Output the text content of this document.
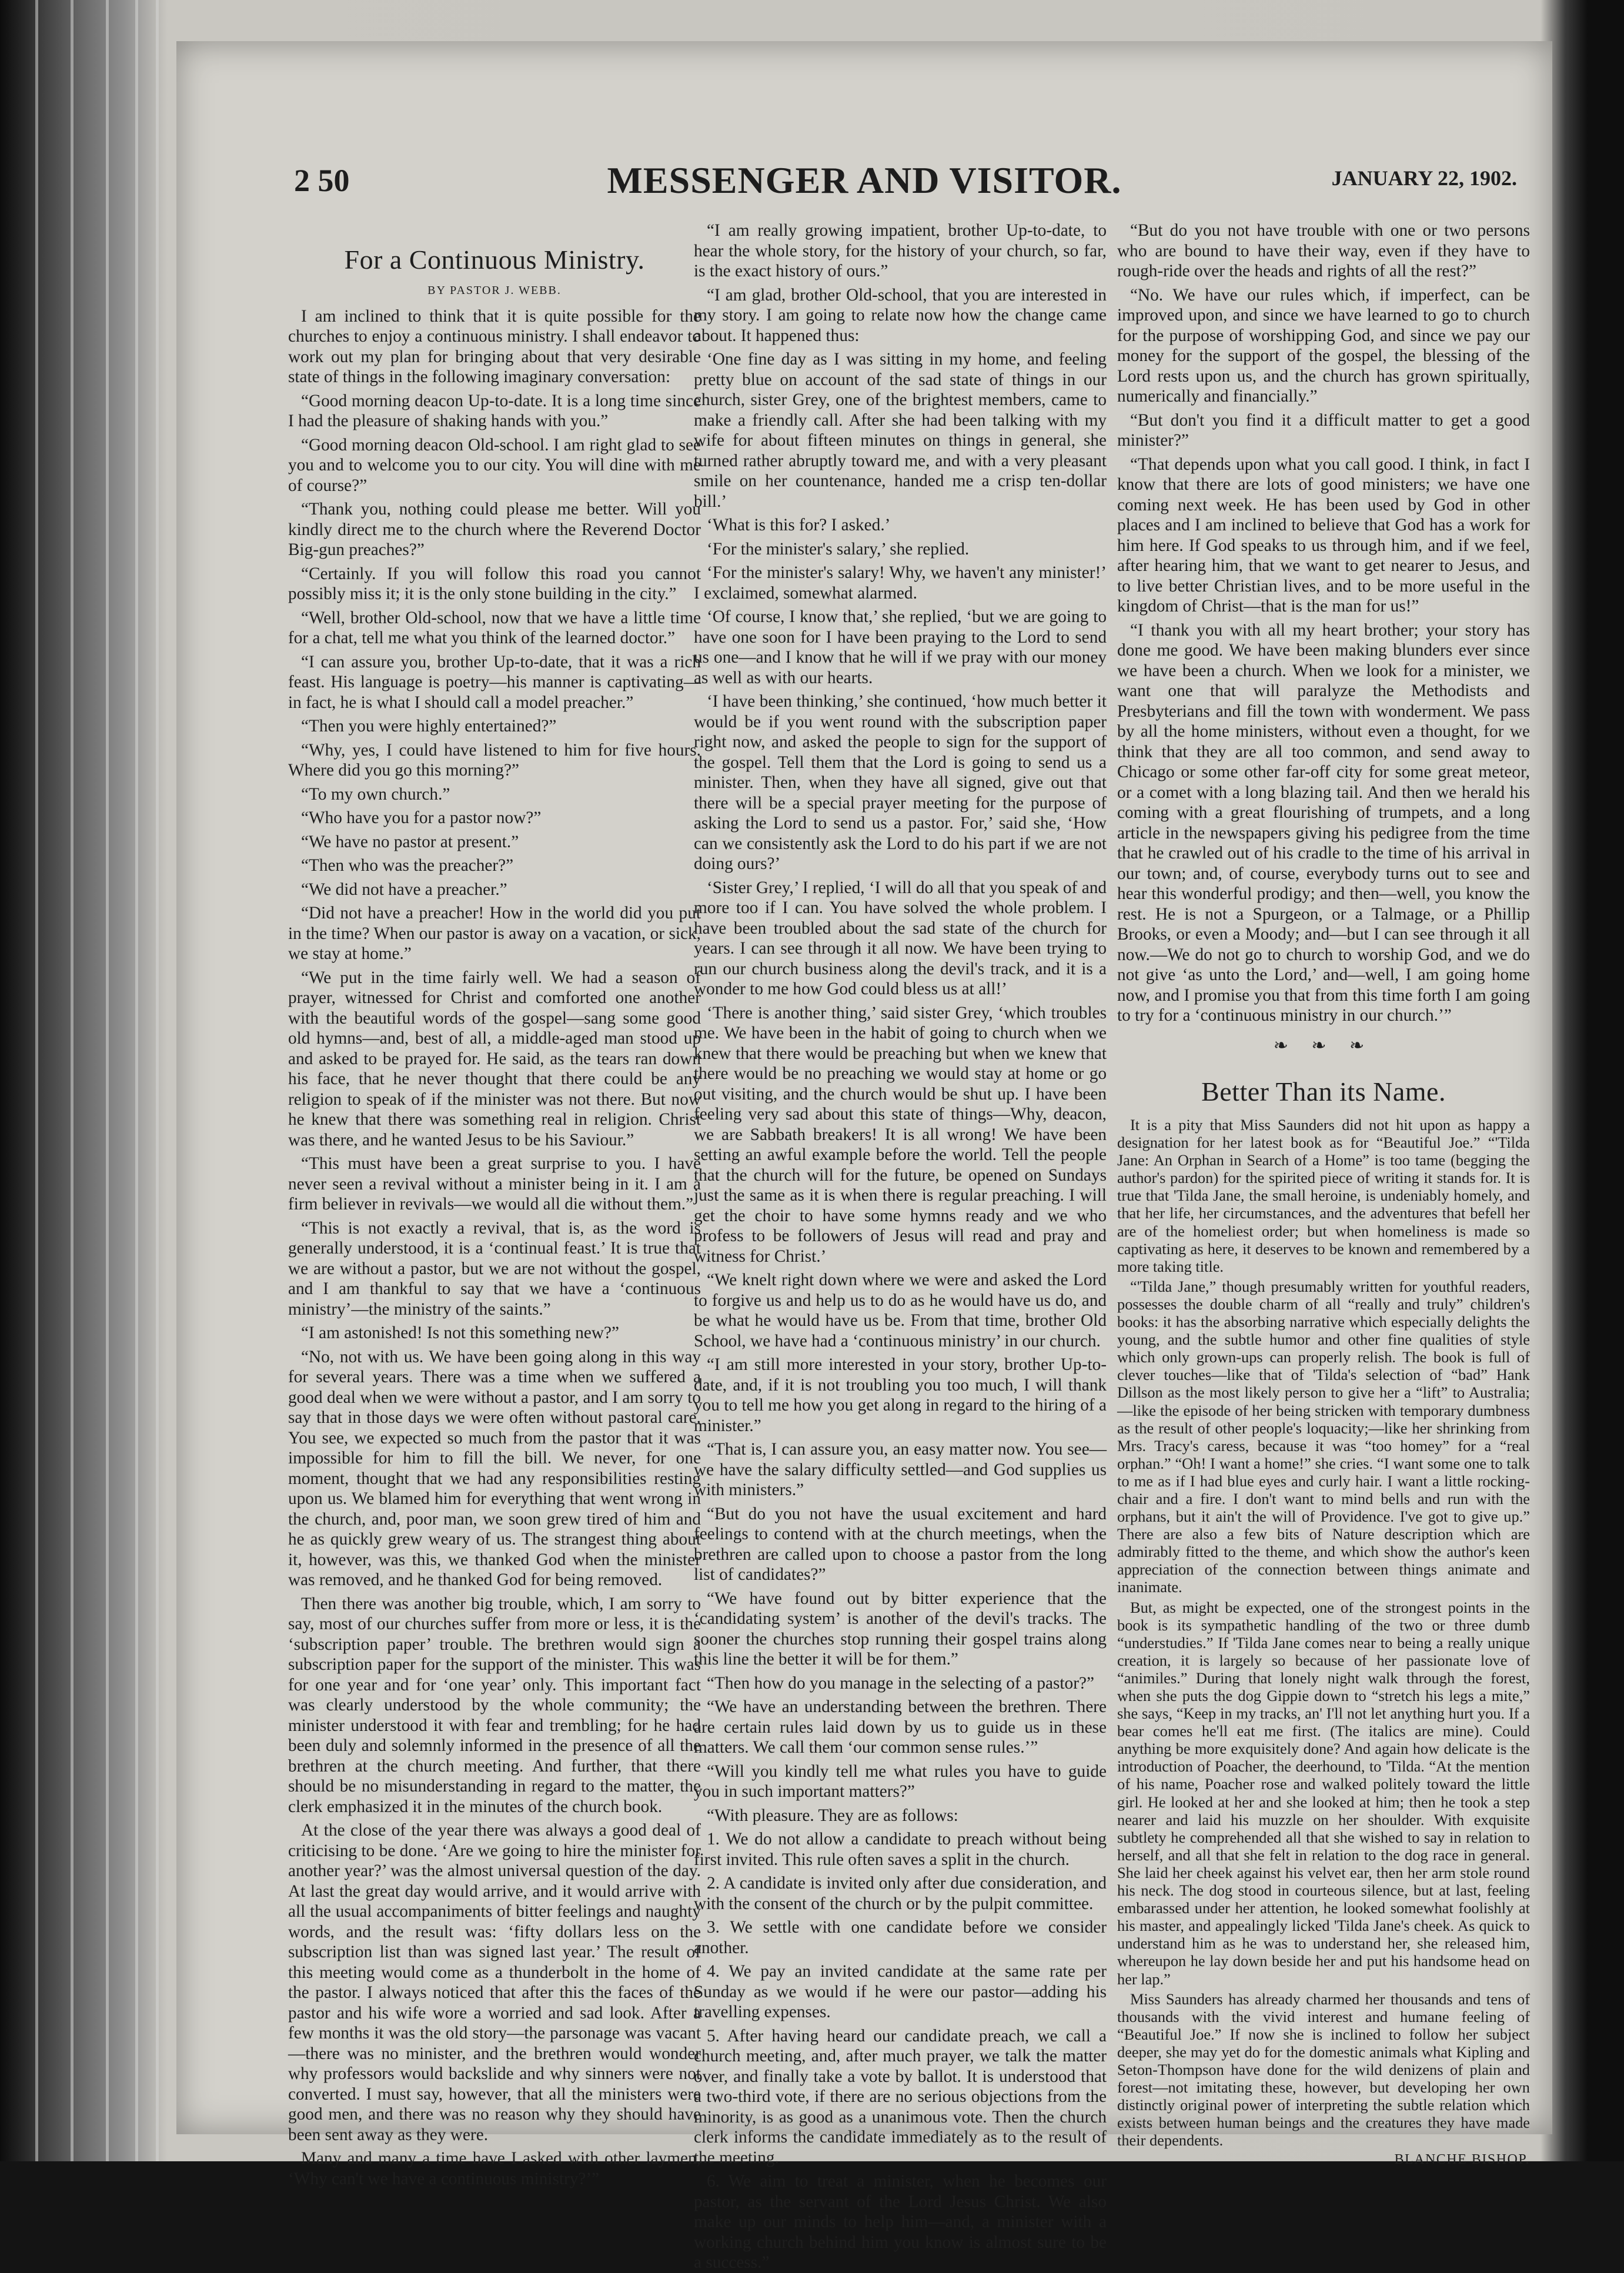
2 50	MESSENGER AND VISITOR.	JANUARY 22, 1902.
For a Continuous Ministry.
BY PASTOR J. WEBB.

I am inclined to think that it is quite possible for the churches to enjoy a continuous ministry. I shall endeavor to work out my plan for bringing about that very desirable state of things in the following imaginary conversation:

“Good morning deacon Up-to-date. It is a long time since I had the pleasure of shaking hands with you.”

“Good morning deacon Old-school. I am right glad to see you and to welcome you to our city. You will dine with me of course?”

“Thank you, nothing could please me better. Will you kindly direct me to the church where the Reverend Doctor Big-gun preaches?”

“Certainly. If you will follow this road you cannot possibly miss it; it is the only stone building in the city.”

“Well, brother Old-school, now that we have a little time for a chat, tell me what you think of the learned doctor.”

“I can assure you, brother Up-to-date, that it was a rich feast. His language is poetry—his manner is captivating—in fact, he is what I should call a model preacher.”

“Then you were highly entertained?”

“Why, yes, I could have listened to him for five hours. Where did you go this morning?”

“To my own church.”

“Who have you for a pastor now?”

“We have no pastor at present.”

“Then who was the preacher?”

“We did not have a preacher.”

“Did not have a preacher! How in the world did you put in the time? When our pastor is away on a vacation, or sick, we stay at home.”

“We put in the time fairly well. We had a season of prayer, witnessed for Christ and comforted one another with the beautiful words of the gospel—sang some good old hymns—and, best of all, a middle-aged man stood up and asked to be prayed for. He said, as the tears ran down his face, that he never thought that there could be any religion to speak of if the minister was not there. But now he knew that there was something real in religion. Christ was there, and he wanted Jesus to be his Saviour.”

“This must have been a great surprise to you. I have never seen a revival without a minister being in it. I am a firm believer in revivals—we would all die without them.”

“This is not exactly a revival, that is, as the word is generally understood, it is a ‘continual feast.’ It is true that we are without a pastor, but we are not without the gospel, and I am thankful to say that we have a ‘continuous ministry’—the ministry of the saints.”

“I am astonished! Is not this something new?”

“No, not with us. We have been going along in this way for several years. There was a time when we suffered a good deal when we were without a pastor, and I am sorry to say that in those days we were often without pastoral care. You see, we expected so much from the pastor that it was impossible for him to fill the bill. We never, for one moment, thought that we had any responsibilities resting upon us. We blamed him for everything that went wrong in the church, and, poor man, we soon grew tired of him and he as quickly grew weary of us. The strangest thing about it, however, was this, we thanked God when the minister was removed, and he thanked God for being removed.

Then there was another big trouble, which, I am sorry to say, most of our churches suffer from more or less, it is the ‘subscription paper’ trouble. The brethren would sign a subscription paper for the support of the minister. This was for one year and for ‘one year’ only. This important fact was clearly understood by the whole community; the minister understood it with fear and trembling; for he had been duly and solemnly informed in the presence of all the brethren at the church meeting. And further, that there should be no misunderstanding in regard to the matter, the clerk emphasized it in the minutes of the church book.

At the close of the year there was always a good deal of criticising to be done. ‘Are we going to hire the minister for another year?’ was the almost universal question of the day. At last the great day would arrive, and it would arrive with all the usual accompaniments of bitter feelings and naughty words, and the result was: ‘fifty dollars less on the subscription list than was signed last year.’ The result of this meeting would come as a thunderbolt in the home of the pastor. I always noticed that after this the faces of the pastor and his wife wore a worried and sad look. After a few months it was the old story—the parsonage was vacant—there was no minister, and the brethren would wonder why professors would backslide and why sinners were not converted. I must say, however, that all the ministers were good men, and there was no reason why they should have been sent away as they were.

Many and many a time have I asked with other laymen, ‘Why can't we have a continuous ministry?’”

“I am really growing impatient, brother Up-to-date, to hear the whole story, for the history of your church, so far, is the exact history of ours.”

“I am glad, brother Old-school, that you are interested in my story. I am going to relate now how the change came about. It happened thus:

‘One fine day as I was sitting in my home, and feeling pretty blue on account of the sad state of things in our church, sister Grey, one of the brightest members, came to make a friendly call. After she had been talking with my wife for about fifteen minutes on things in general, she turned rather abruptly toward me, and with a very pleasant smile on her countenance, handed me a crisp ten-dollar bill.’

‘What is this for? I asked.’

‘For the minister's salary,’ she replied.

‘For the minister's salary! Why, we haven't any minister!’ I exclaimed, somewhat alarmed.

‘Of course, I know that,’ she replied, ‘but we are going to have one soon for I have been praying to the Lord to send us one—and I know that he will if we pray with our money as well as with our hearts.

‘I have been thinking,’ she continued, ‘how much better it would be if you went round with the subscription paper right now, and asked the people to sign for the support of the gospel. Tell them that the Lord is going to send us a minister. Then, when they have all signed, give out that there will be a special prayer meeting for the purpose of asking the Lord to send us a pastor. For,’ said she, ‘How can we consistently ask the Lord to do his part if we are not doing ours?’

‘Sister Grey,’ I replied, ‘I will do all that you speak of and more too if I can. You have solved the whole problem. I have been troubled about the sad state of the church for years. I can see through it all now. We have been trying to run our church business along the devil's track, and it is a wonder to me how God could bless us at all!’

‘There is another thing,’ said sister Grey, ‘which troubles me. We have been in the habit of going to church when we knew that there would be preaching but when we knew that there would be no preaching we would stay at home or go out visiting, and the church would be shut up. I have been feeling very sad about this state of things—Why, deacon, we are Sabbath breakers! It is all wrong! We have been setting an awful example before the world. Tell the people that the church will for the future, be opened on Sundays just the same as it is when there is regular preaching. I will get the choir to have some hymns ready and we who profess to be followers of Jesus will read and pray and witness for Christ.’

“We knelt right down where we were and asked the Lord to forgive us and help us to do as he would have us do, and be what he would have us be. From that time, brother Old School, we have had a ‘continuous ministry’ in our church.

“I am still more interested in your story, brother Up-to-date, and, if it is not troubling you too much, I will thank you to tell me how you get along in regard to the hiring of a minister.”

“That is, I can assure you, an easy matter now. You see—we have the salary difficulty settled—and God supplies us with ministers.”

“But do you not have the usual excitement and hard feelings to contend with at the church meetings, when the brethren are called upon to choose a pastor from the long list of candidates?”

“We have found out by bitter experience that the ‘candidating system’ is another of the devil's tracks. The sooner the churches stop running their gospel trains along this line the better it will be for them.”

“Then how do you manage in the selecting of a pastor?”

“We have an understanding between the brethren. There are certain rules laid down by us to guide us in these matters. We call them ‘our common sense rules.’”

“Will you kindly tell me what rules you have to guide you in such important matters?”

“With pleasure. They are as follows:

1. We do not allow a candidate to preach without being first invited. This rule often saves a split in the church.

2. A candidate is invited only after due consideration, and with the consent of the church or by the pulpit committee.

3. We settle with one candidate before we consider another.

4. We pay an invited candidate at the same rate per Sunday as we would if he were our pastor—adding his travelling expenses.

5. After having heard our candidate preach, we call a church meeting, and, after much prayer, we talk the matter over, and finally take a vote by ballot. It is understood that a two-third vote, if there are no serious objections from the minority, is as good as a unanimous vote. Then the church clerk informs the candidate immediately as to the result of the meeting.

6. We aim to treat a minister, when he becomes our pastor, as the servant of the Lord Jesus Christ. We also make up our minds to help him—and, a minister with a working church behind him you know is almost sure to be a success.”

“But do you not have trouble with one or two persons who are bound to have their way, even if they have to rough-ride over the heads and rights of all the rest?”

“No. We have our rules which, if imperfect, can be improved upon, and since we have learned to go to church for the purpose of worshipping God, and since we pay our money for the support of the gospel, the blessing of the Lord rests upon us, and the church has grown spiritually, numerically and financially.”

“But don't you find it a difficult matter to get a good minister?”

“That depends upon what you call good. I think, in fact I know that there are lots of good ministers; we have one coming next week. He has been used by God in other places and I am inclined to believe that God has a work for him here. If God speaks to us through him, and if we feel, after hearing him, that we want to get nearer to Jesus, and to live better Christian lives, and to be more useful in the kingdom of Christ—that is the man for us!”

“I thank you with all my heart brother; your story has done me good. We have been making blunders ever since we have been a church. When we look for a minister, we want one that will paralyze the Methodists and Presbyterians and fill the town with wonderment. We pass by all the home ministers, without even a thought, for we think that they are all too common, and send away to Chicago or some other far-off city for some great meteor, or a comet with a long blazing tail. And then we herald his coming with a great flourishing of trumpets, and a long article in the newspapers giving his pedigree from the time that he crawled out of his cradle to the time of his arrival in our town; and, of course, everybody turns out to see and hear this wonderful prodigy; and then—well, you know the rest. He is not a Spurgeon, or a Talmage, or a Phillip Brooks, or even a Moody; and—but I can see through it all now.—We do not go to church to worship God, and we do not give ‘as unto the Lord,’ and—well, I am going home now, and I promise you that from this time forth I am going to try for a ‘continuous ministry in our church.’”

❧ ❧ ❧
Better Than its Name.

It is a pity that Miss Saunders did not hit upon as happy a designation for her latest book as for “Beautiful Joe.” “'Tilda Jane: An Orphan in Search of a Home” is too tame (begging the author's pardon) for the spirited piece of writing it stands for. It is true that 'Tilda Jane, the small heroine, is undeniably homely, and that her life, her circumstances, and the adventures that befell her are of the homeliest order; but when homeliness is made so captivating as here, it deserves to be known and remembered by a more taking title.

“'Tilda Jane,” though presumably written for youthful readers, possesses the double charm of all “really and truly” children's books: it has the absorbing narrative which especially delights the young, and the subtle humor and other fine qualities of style which only grown-ups can properly relish. The book is full of clever touches—like that of 'Tilda's selection of “bad” Hank Dillson as the most likely person to give her a “lift” to Australia;—like the episode of her being stricken with temporary dumbness as the result of other people's loquacity;—like her shrinking from Mrs. Tracy's caress, because it was “too homey” for a “real orphan.” “Oh! I want a home!” she cries. “I want some one to talk to me as if I had blue eyes and curly hair. I want a little rocking-chair and a fire. I don't want to mind bells and run with the orphans, but it ain't the will of Providence. I've got to give up.” There are also a few bits of Nature description which are admirably fitted to the theme, and which show the author's keen appreciation of the connection between things animate and inanimate.

But, as might be expected, one of the strongest points in the book is its sympathetic handling of the two or three dumb “understudies.” If 'Tilda Jane comes near to being a really unique creation, it is largely so because of her passionate love of “animiles.” During that lonely night walk through the forest, when she puts the dog Gippie down to “stretch his legs a mite,” she says, “Keep in my tracks, an' I'll not let anything hurt you. If a bear comes he'll eat me first. (The italics are mine). Could anything be more exquisitely done? And again how delicate is the introduction of Poacher, the deerhound, to 'Tilda. “At the mention of his name, Poacher rose and walked politely toward the little girl. He looked at her and she looked at him; then he took a step nearer and laid his muzzle on her shoulder. With exquisite subtlety he comprehended all that she wished to say in relation to herself, and all that she felt in relation to the dog race in general. She laid her cheek against his velvet ear, then her arm stole round his neck. The dog stood in courteous silence, but at last, feeling embarassed under her attention, he looked somewhat foolishly at his master, and appealingly licked 'Tilda Jane's cheek. As quick to understand him as he was to understand her, she released him, whereupon he lay down beside her and put his handsome head on her lap.”

Miss Saunders has already charmed her thousands and tens of thousands with the vivid interest and humane feeling of “Beautiful Joe.” If now she is inclined to follow her subject deeper, she may yet do for the domestic animals what Kipling and Seton-Thompson have done for the wild denizens of plain and forest—not imitating these, however, but developing her own distinctly original power of interpreting the subtle relation which exists between human beings and the creatures they have made their dependents.

BLANCHE BISHOP.
